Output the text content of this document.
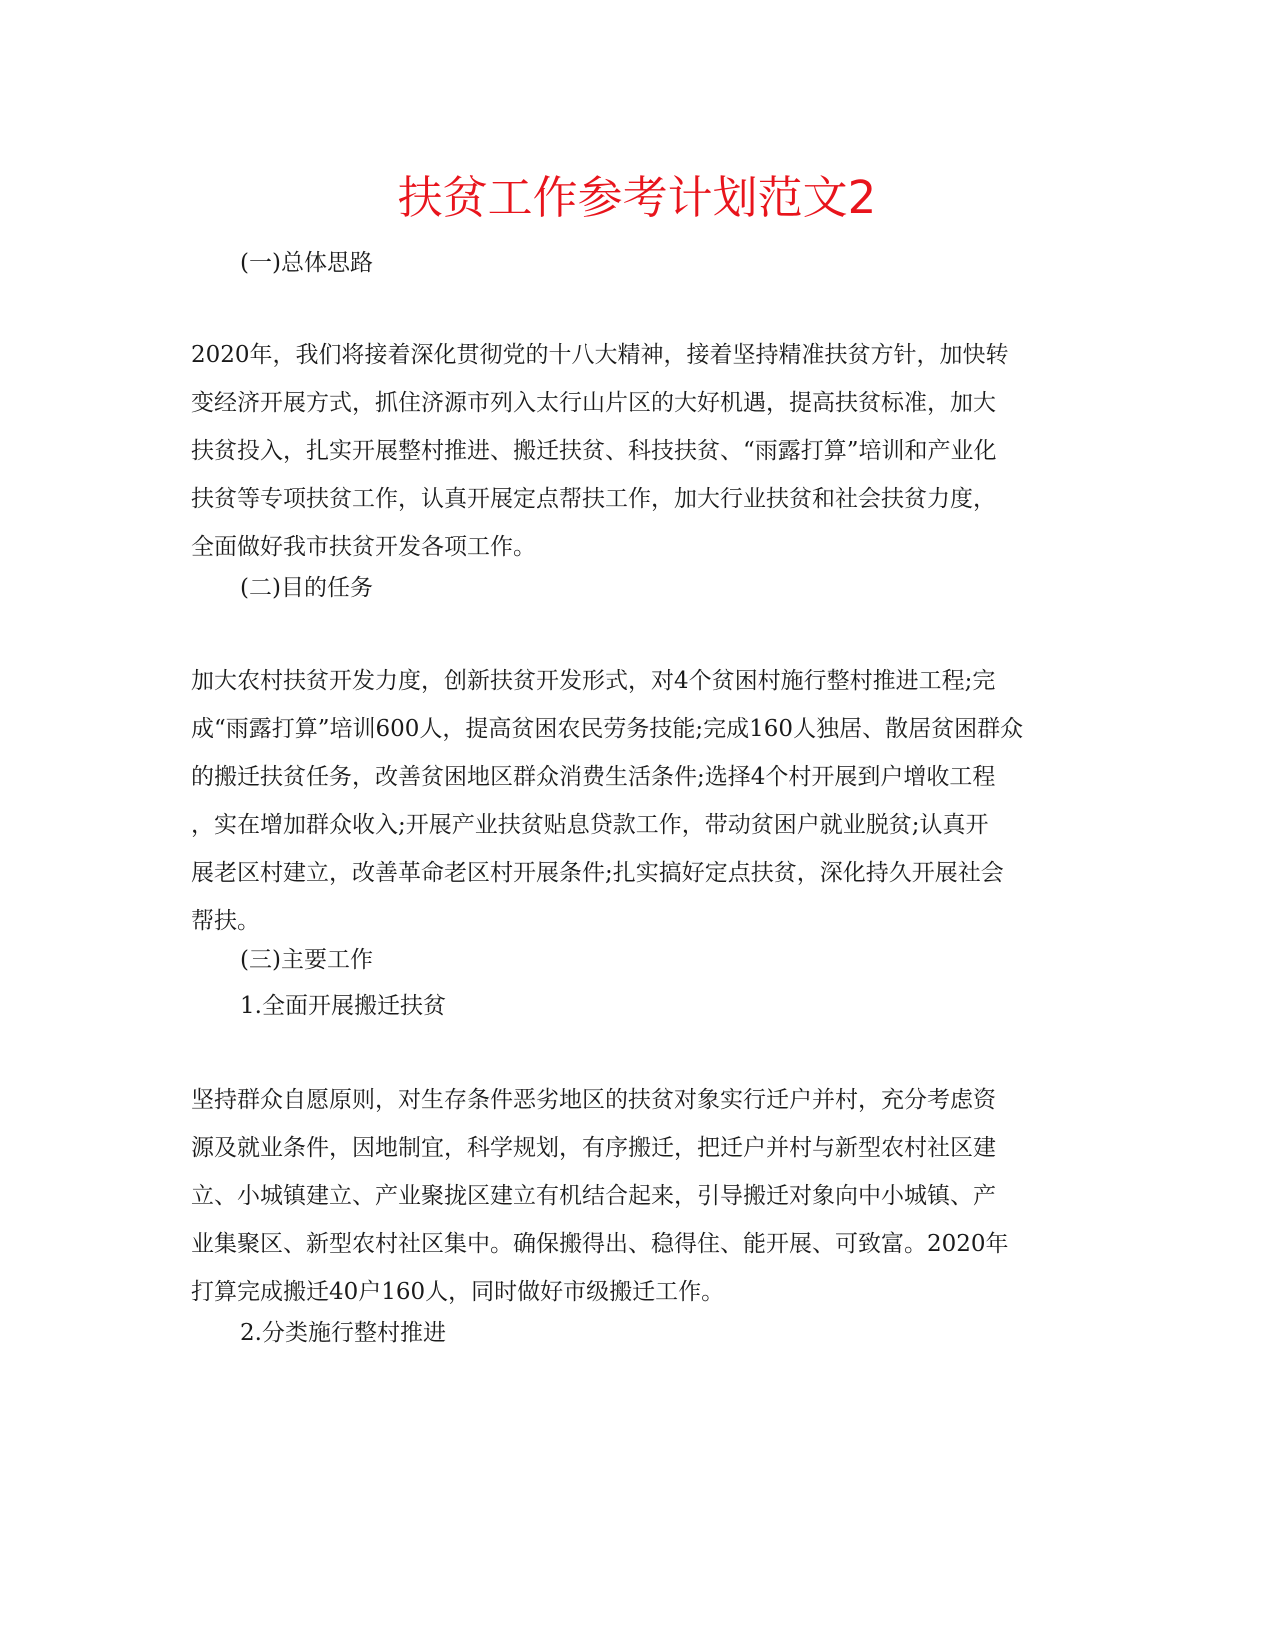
扶贫工作参考计划范文2
(一)总体思路
2020年，我们将接着深化贯彻党的十八大精神，接着坚持精准扶贫方针，加快转
变经济开展方式，抓住济源市列入太行山片区的大好机遇，提高扶贫标准，加大
扶贫投入，扎实开展整村推进、搬迁扶贫、科技扶贫、“雨露打算”培训和产业化
扶贫等专项扶贫工作，认真开展定点帮扶工作，加大行业扶贫和社会扶贫力度，
全面做好我市扶贫开发各项工作。
(二)目的任务
加大农村扶贫开发力度，创新扶贫开发形式，对4个贫困村施行整村推进工程;完
成“雨露打算”培训600人，提高贫困农民劳务技能;完成160人独居、散居贫困群众
的搬迁扶贫任务，改善贫困地区群众消费生活条件;选择4个村开展到户增收工程
，实在增加群众收入;开展产业扶贫贴息贷款工作，带动贫困户就业脱贫;认真开
展老区村建立，改善革命老区村开展条件;扎实搞好定点扶贫，深化持久开展社会
帮扶。
(三)主要工作
1.全面开展搬迁扶贫
坚持群众自愿原则，对生存条件恶劣地区的扶贫对象实行迁户并村，充分考虑资
源及就业条件，因地制宜，科学规划，有序搬迁，把迁户并村与新型农村社区建
立、小城镇建立、产业聚拢区建立有机结合起来，引导搬迁对象向中小城镇、产
业集聚区、新型农村社区集中。确保搬得出、稳得住、能开展、可致富。2020年
打算完成搬迁40户160人，同时做好市级搬迁工作。
2.分类施行整村推进
